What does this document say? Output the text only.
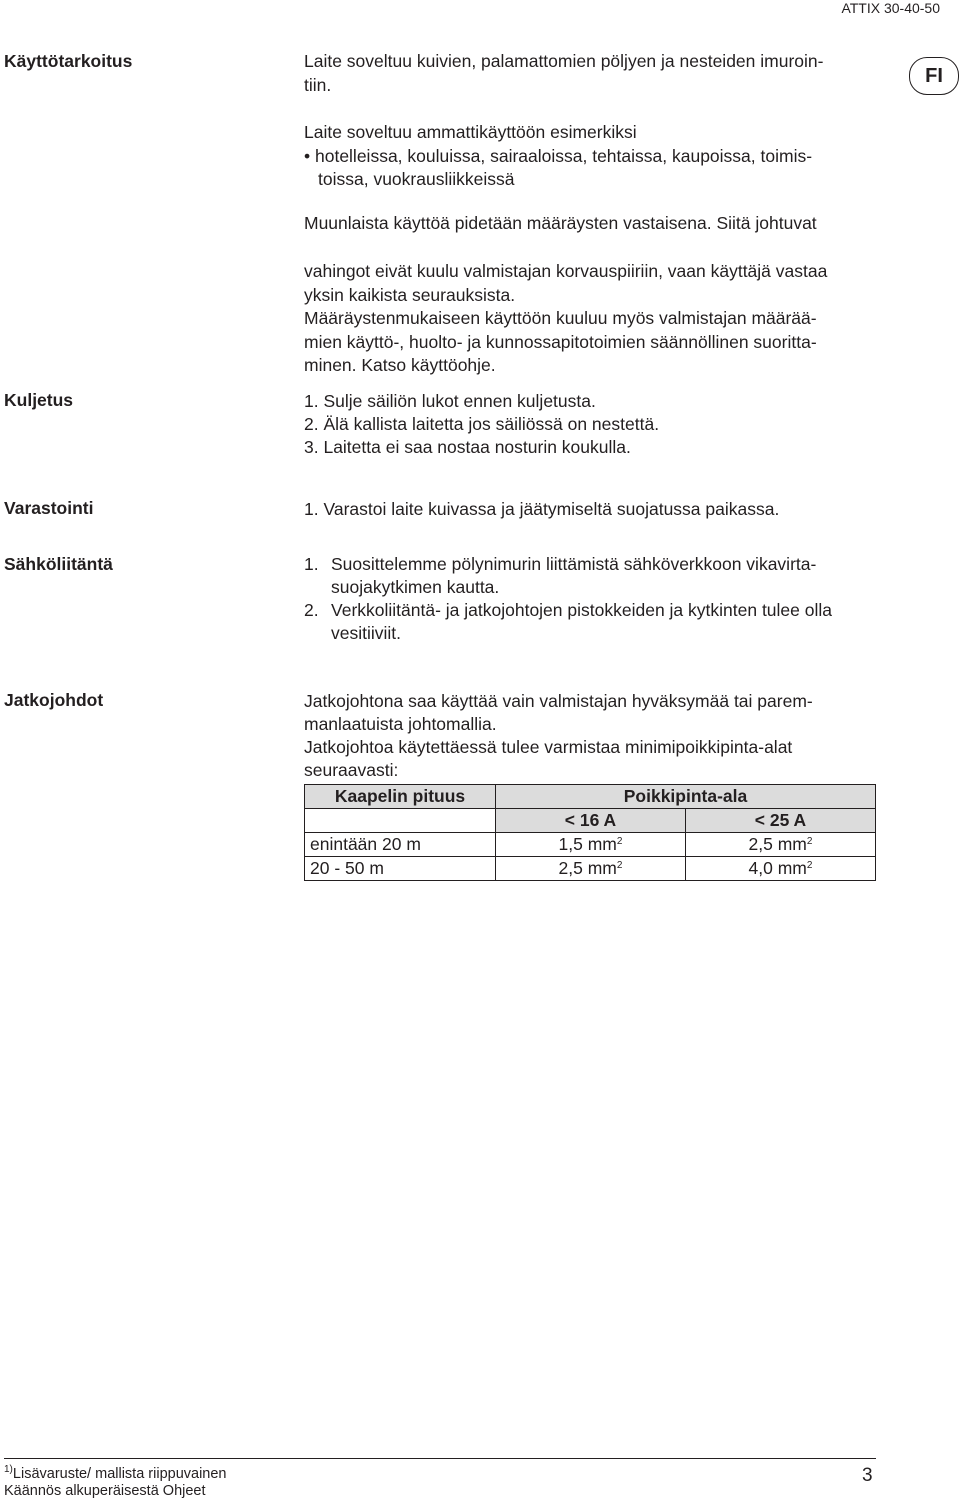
ATTIX 30-40-50
FI
Käyttötarkoitus	Laite soveltuu kuivien, palamattomien pöljyen ja nesteiden imuroin-
tiin.
Laite soveltuu ammattikäyttöön esimerkiksi
• hotelleissa, kouluissa, sairaaloissa, tehtaissa, kaupoissa, toimis-
toissa, vuokrausliikkeissä
Muunlaista käyttöä pidetään määräysten vastaisena. Siitä johtuvat
vahingot eivät kuulu valmistajan korvauspiiriin, vaan käyttäjä vastaa
yksin kaikista seurauksista.
Määräystenmukaiseen käyttöön kuuluu myös valmistajan määrää-
mien käyttö-, huolto- ja kunnossapitotoimien säännöllinen suoritta-
minen. Katso käyttöohje.
Kuljetus	1. Sulje säiliön lukot ennen kuljetusta.
2. Älä kallista laitetta jos säiliössä on nestettä.
3. Laitetta ei saa nostaa nosturin koukulla.
Varastointi	1. Varastoi laite kuivassa ja jäätymiseltä suojatussa paikassa.
Sähköliitäntä	1. Suosittelemme pölynimurin liittämistä sähköverkkoon vikavirta-
suojakytkimen kautta.
2. Verkkoliitäntä- ja jatkojohtojen pistokkeiden ja kytkinten tulee olla
vesitiiviit.
Jatkojohdot	Jatkojohtona saa käyttää vain valmistajan hyväksymää tai parem-
manlaatuista johtomallia.
Jatkojohtoa käytettäessä tulee varmistaa minimipoikkipinta-alat
seuraavasti:
Kaapelin pituus	Poikkipinta-ala	
	< 16 A	< 25 A
enintään 20 m	1,5 $mm^2$	2,5 $mm^2$
20 - 50 m	2,5 $mm^2$	4,0 $mm^2$
$^{1)}$Lisävaruste/ mallista riippuvainen
Käännös alkuperäisestä Ohjeet
3
